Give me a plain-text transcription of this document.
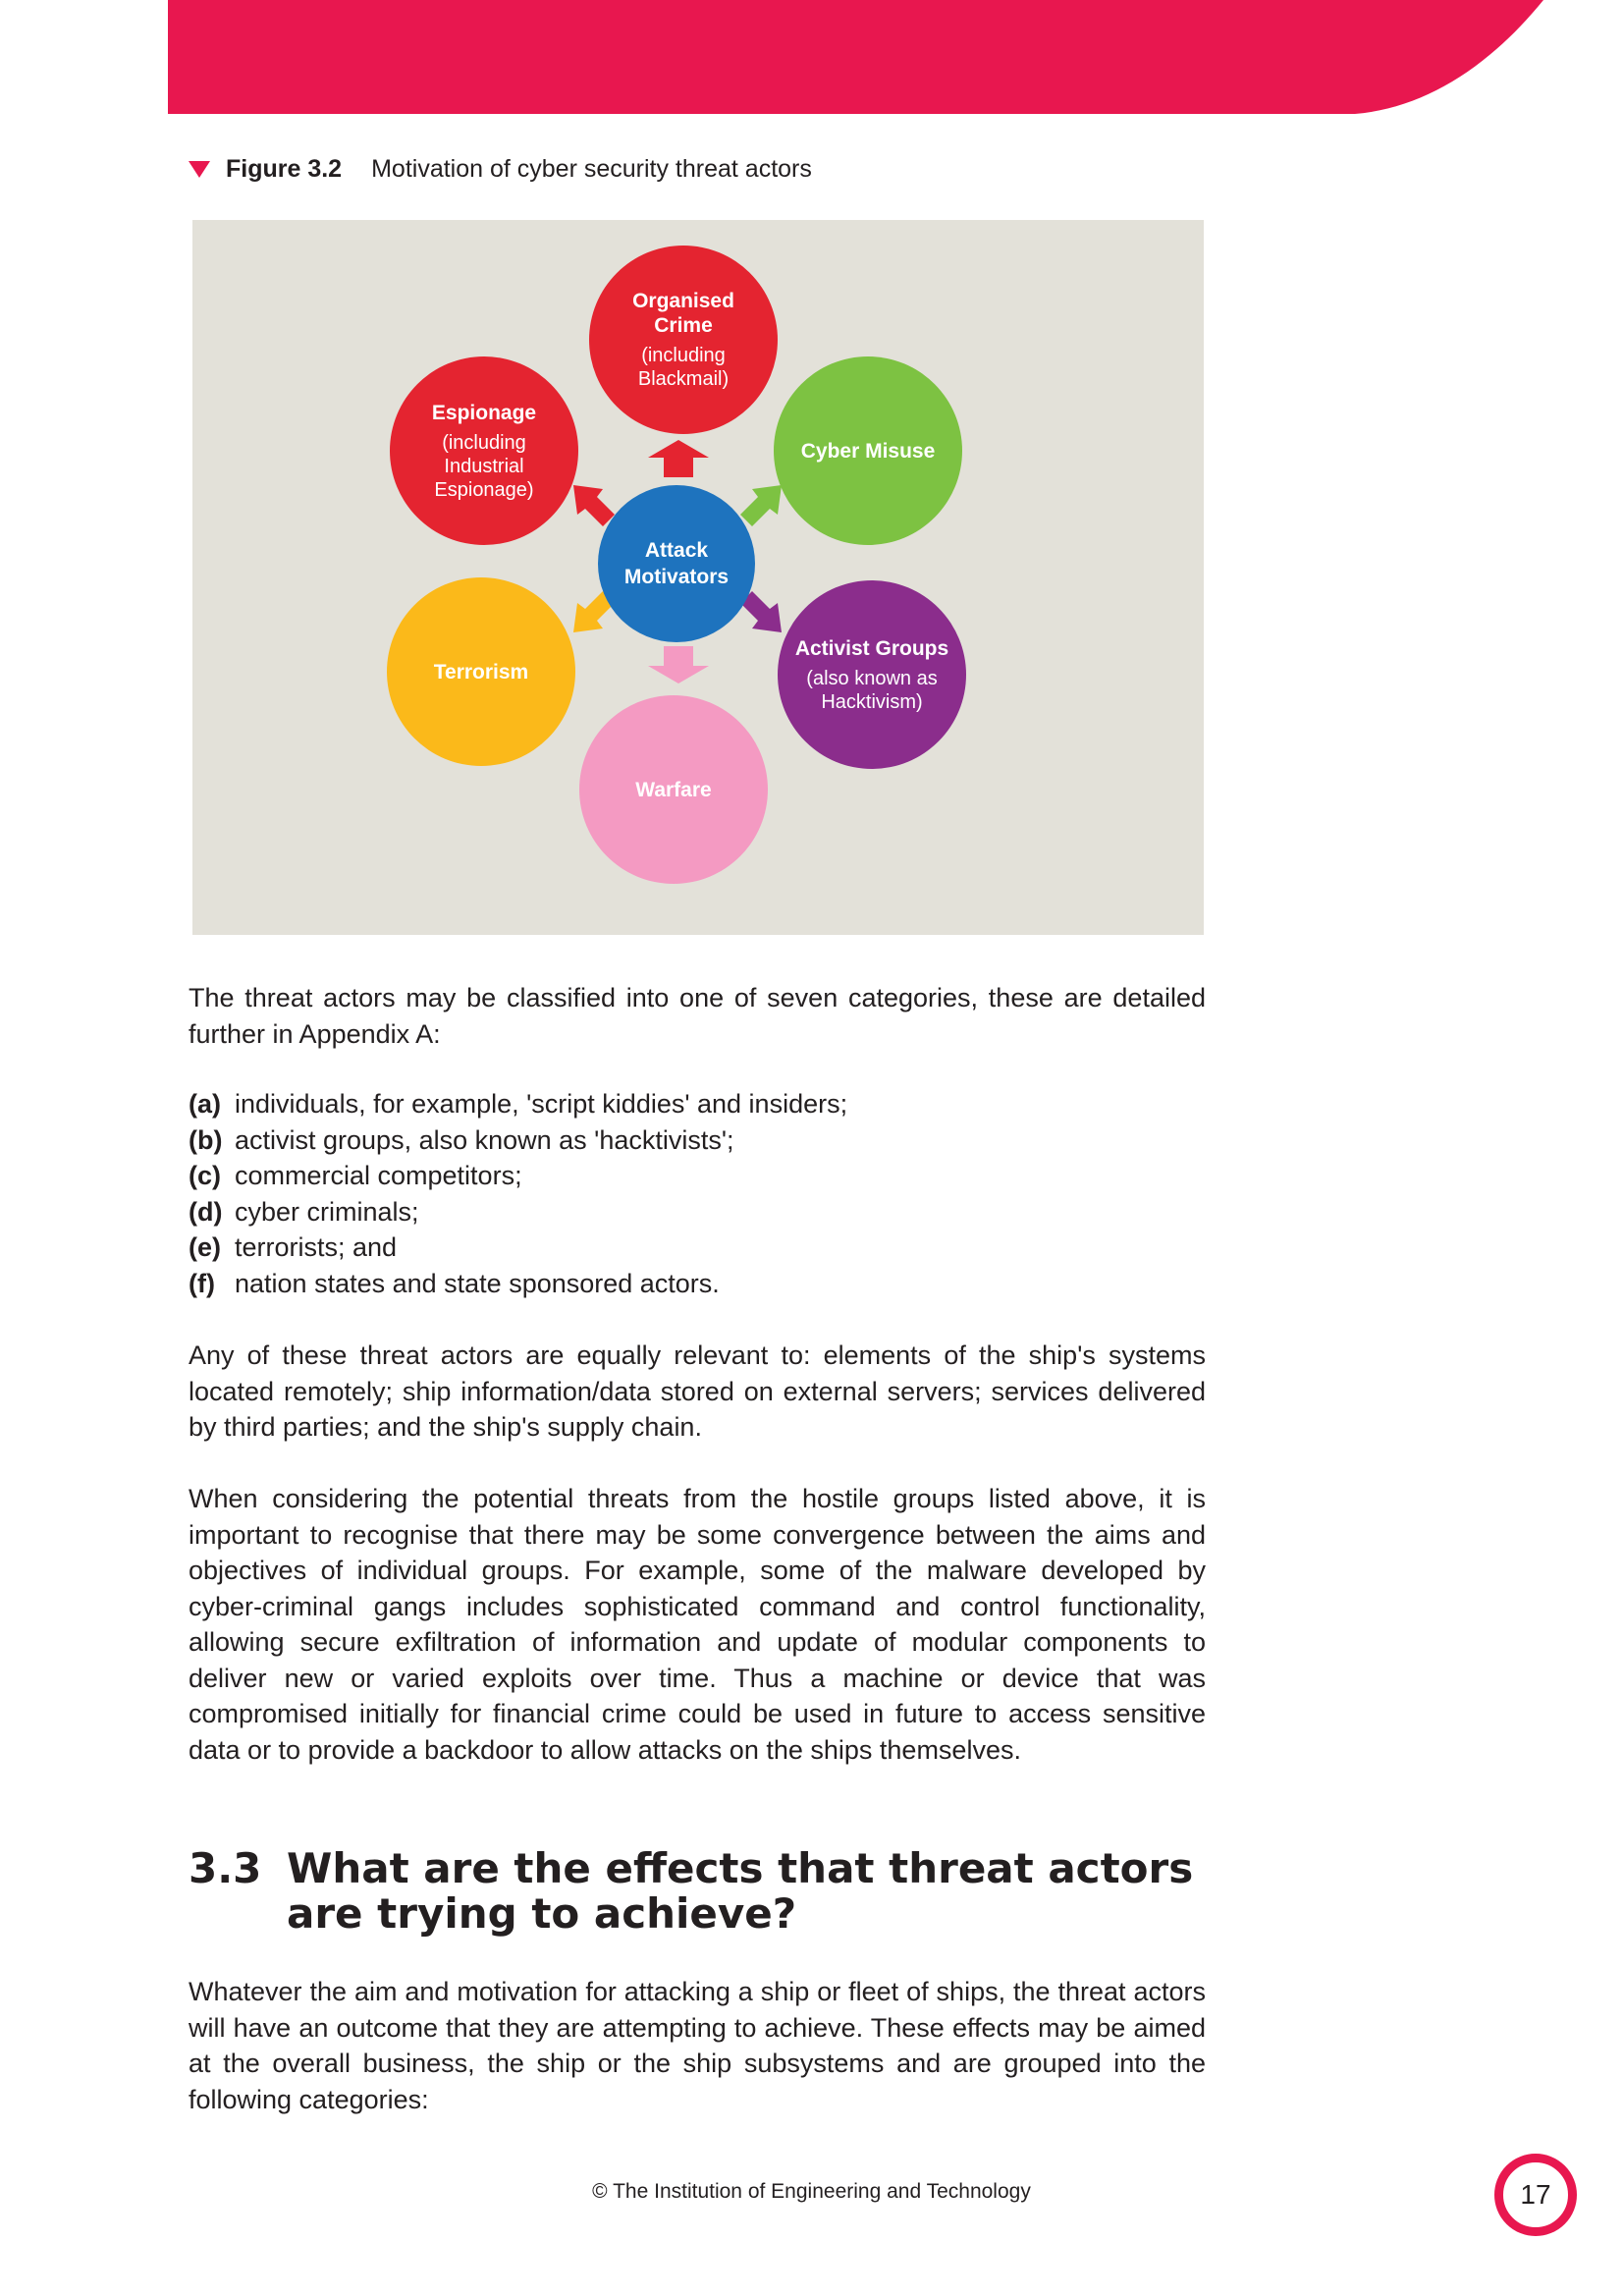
Figure 3.2 Motivation of cyber security threat actors
Organised Crime
(including Blackmail)
Espionage
(including Industrial Espionage)
Cyber Misuse
Attack Motivators
Terrorism
Activist Groups
(also known as Hacktivism)
Warfare

The threat actors may be classified into one of seven categories, these are detailed further in Appendix A:

(a) individuals, for example, 'script kiddies' and insiders;
(b) activist groups, also known as 'hacktivists';
(c) commercial competitors;
(d) cyber criminals;
(e) terrorists; and
(f) nation states and state sponsored actors.

Any of these threat actors are equally relevant to: elements of the ship's systems located remotely; ship information/data stored on external servers; services delivered by third parties; and the ship's supply chain.

When considering the potential threats from the hostile groups listed above, it is important to recognise that there may be some convergence between the aims and objectives of individual groups. For example, some of the malware developed by cyber-criminal gangs includes sophisticated command and control functionality, allowing secure exfiltration of information and update of modular components to deliver new or varied exploits over time. Thus a machine or device that was compromised initially for financial crime could be used in future to access sensitive data or to provide a backdoor to allow attacks on the ships themselves.

3.3 What are the effects that threat actors
are trying to achieve?

Whatever the aim and motivation for attacking a ship or fleet of ships, the threat actors will have an outcome that they are attempting to achieve. These effects may be aimed at the overall business, the ship or the ship subsystems and are grouped into the following categories:

© The Institution of Engineering and Technology	17
